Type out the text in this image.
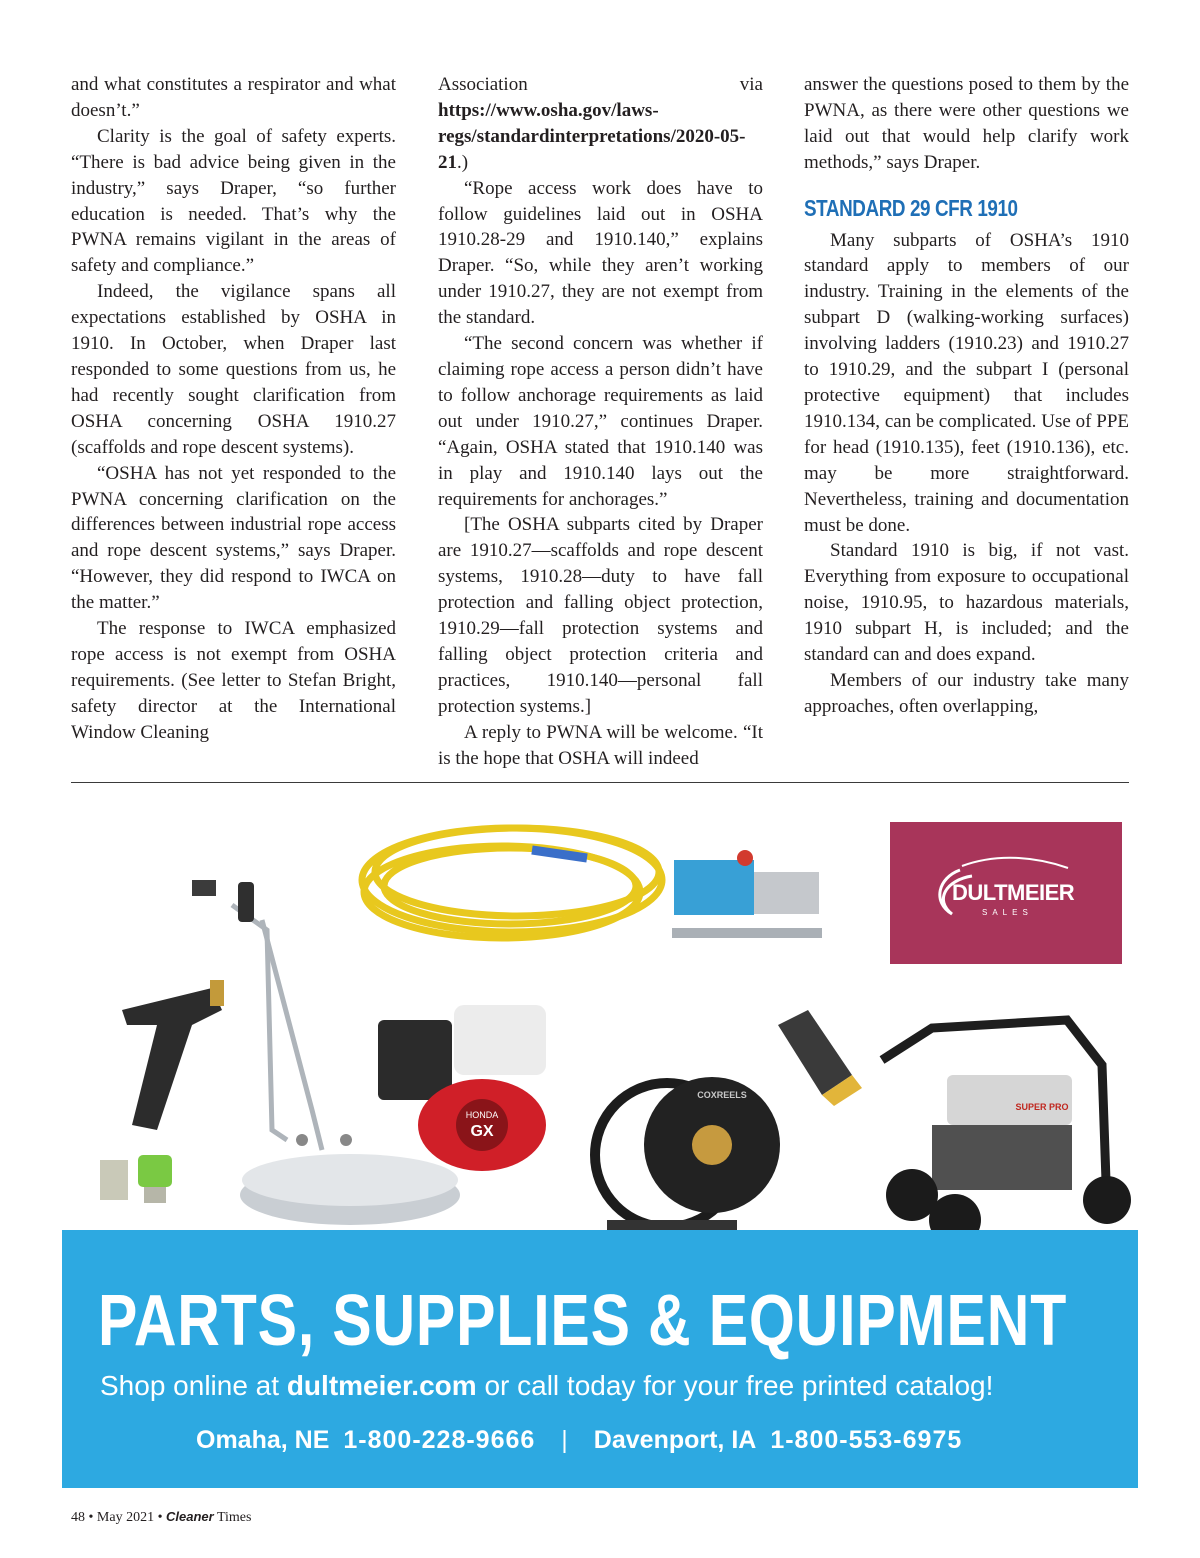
and what constitutes a respirator and what doesn’t.”

Clarity is the goal of safety experts. “There is bad advice being given in the industry,” says Draper, “so further education is needed. That’s why the PWNA remains vigilant in the areas of safety and compliance.”

Indeed, the vigilance spans all expectations established by OSHA in 1910. In October, when Draper last responded to some questions from us, he had recently sought clarification from OSHA concerning OSHA 1910.27 (scaffolds and rope descent systems).

“OSHA has not yet responded to the PWNA concerning clarification on the differences between industrial rope access and rope descent systems,” says Draper. “However, they did respond to IWCA on the matter.”

The response to IWCA emphasized rope access is not exempt from OSHA requirements. (See letter to Stefan Bright, safety director at the International Window Cleaning

Association via https://www.osha.gov/laws-regs/standardinterpretations/2020-05-21.)

“Rope access work does have to follow guidelines laid out in OSHA 1910.28-29 and 1910.140,” explains Draper. “So, while they aren’t working under 1910.27, they are not exempt from the standard.

“The second concern was whether if claiming rope access a person didn’t have to follow anchorage requirements as laid out under 1910.27,” continues Draper. “Again, OSHA stated that 1910.140 was in play and 1910.140 lays out the requirements for anchorages.”

[The OSHA subparts cited by Draper are 1910.27—scaffolds and rope descent systems, 1910.28—duty to have fall protection and falling object protection, 1910.29—fall protection systems and falling object protection criteria and practices, 1910.140—personal fall protection systems.]

A reply to PWNA will be welcome. “It is the hope that OSHA will indeed

answer the questions posed to them by the PWNA, as there were other questions we laid out that would help clarify work methods,” says Draper.

STANDARD 29 CFR 1910

Many subparts of OSHA’s 1910 standard apply to members of our industry. Training in the elements of the subpart D (walking-working surfaces) involving ladders (1910.23) and 1910.27 to 1910.29, and the subpart I (personal protective equipment) that includes 1910.134, can be complicated. Use of PPE for head (1910.135), feet (1910.136), etc. may be more straightforward. Nevertheless, training and documentation must be done.

Standard 1910 is big, if not vast. Everything from exposure to occupational noise, 1910.95, to hazardous materials, 1910 subpart H, is included; and the standard can and does expand.

Members of our industry take many approaches, often overlapping,

HONDA
GX
COXREELS
SUPER PRO
DULTMEIER
SALES
PARTS, SUPPLIES & EQUIPMENT
Shop online at dultmeier.com or call today for your free printed catalog!
Omaha, NE 1-800-228-9666 | Davenport, IA 1-800-553-6975
48 • May 2021 • Cleaner Times
